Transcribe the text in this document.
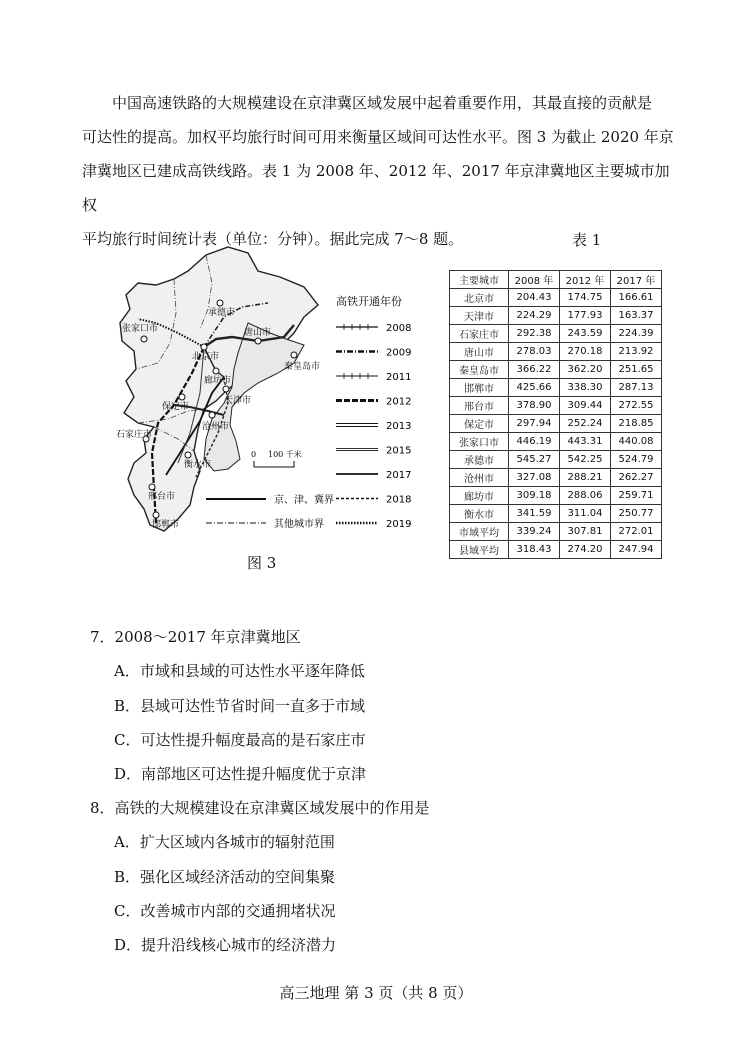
中国高速铁路的大规模建设在京津冀区域发展中起着重要作用，其最直接的贡献是

可达性的提高。加权平均旅行时间可用来衡量区域间可达性水平。图 3 为截止 2020 年京

津冀地区已建成高铁线路。表 1 为 2008 年、2012 年、2017 年京津冀地区主要城市加权

平均旅行时间统计表（单位：分钟）。据此完成 7～8 题。	表 1
主要城市	2008 年	2012 年	2017 年
北京市	204.43	174.75	166.61
天津市	224.29	177.93	163.37
石家庄市	292.38	243.59	224.39
唐山市	278.03	270.18	213.92
秦皇岛市	366.22	362.20	251.65
邯郸市	425.66	338.30	287.13
邢台市	378.90	309.44	272.55
保定市	297.94	252.24	218.85
张家口市	446.19	443.31	440.08
承德市	545.27	542.25	524.79
沧州市	327.08	288.21	262.27
廊坊市	309.18	288.06	259.71
衡水市	341.59	311.04	250.77
市域平均	339.24	307.81	272.01
县域平均	318.43	274.20	247.94
承德市
张家口市
北京市
唐山市
秦皇岛市
廊坊市
天津市
保定市
沧州市
石家庄市
衡水市
邢台市
邯郸市
0 100 千米
高铁开通年份
2008
2009
2011
2012
2013
2015
2017
2018
2019
京、津、冀界
其他城市界
图 3
7．2008～2017 年京津冀地区
A．市域和县域的可达性水平逐年降低
B．县域可达性节省时间一直多于市域
C．可达性提升幅度最高的是石家庄市
D．南部地区可达性提升幅度优于京津
8．高铁的大规模建设在京津冀区域发展中的作用是
A．扩大区域内各城市的辐射范围
B．强化区域经济活动的空间集聚
C．改善城市内部的交通拥堵状况
D．提升沿线核心城市的经济潜力
高三地理 第 3 页（共 8 页）
